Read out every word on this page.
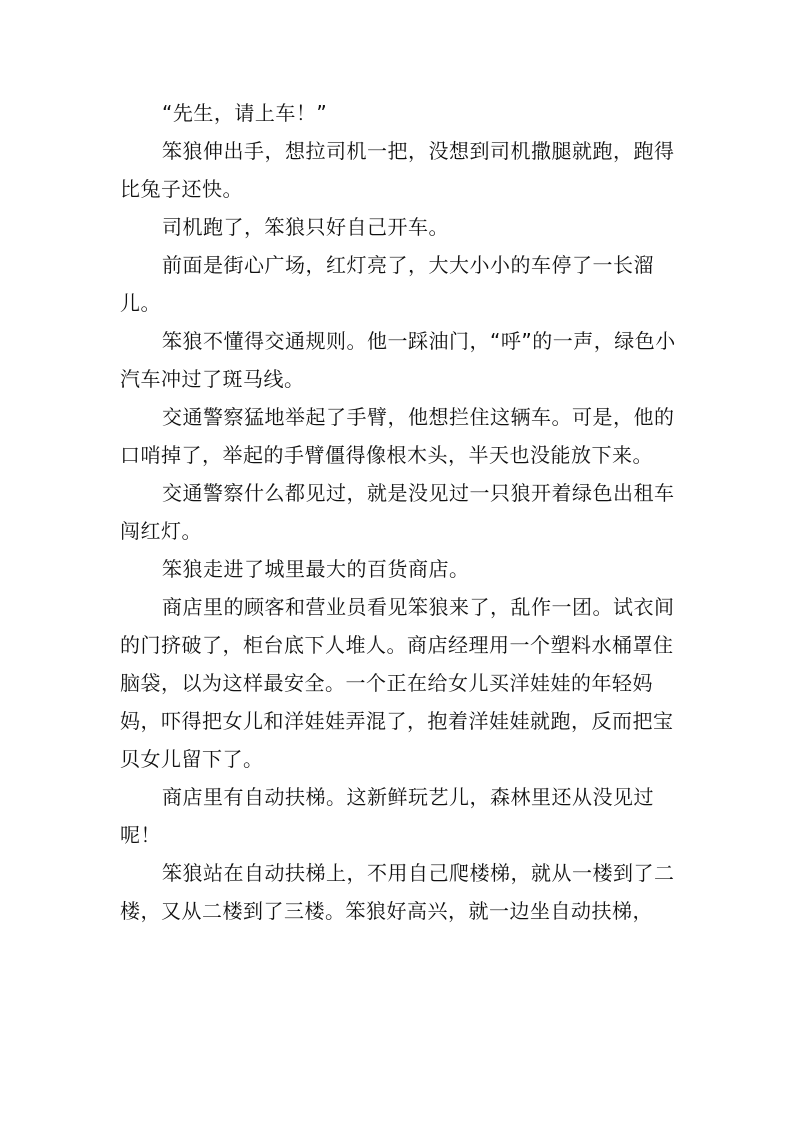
“先生，请上车！”

笨狼伸出手，想拉司机一把，没想到司机撒腿就跑，跑得比兔子还快。

司机跑了，笨狼只好自己开车。

前面是街心广场，红灯亮了，大大小小的车停了一长溜儿。

笨狼不懂得交通规则。他一踩油门，“呼”的一声，绿色小汽车冲过了斑马线。

交通警察猛地举起了手臂，他想拦住这辆车。可是，他的口哨掉了，举起的手臂僵得像根木头，半天也没能放下来。

交通警察什么都见过，就是没见过一只狼开着绿色出租车闯红灯。

笨狼走进了城里最大的百货商店。

商店里的顾客和营业员看见笨狼来了，乱作一团。试衣间的门挤破了，柜台底下人堆人。商店经理用一个塑料水桶罩住脑袋，以为这样最安全。一个正在给女儿买洋娃娃的年轻妈妈，吓得把女儿和洋娃娃弄混了，抱着洋娃娃就跑，反而把宝贝女儿留下了。

商店里有自动扶梯。这新鲜玩艺儿，森林里还从没见过呢！

笨狼站在自动扶梯上，不用自己爬楼梯，就从一楼到了二楼，又从二楼到了三楼。笨狼好高兴，就一边坐自动扶梯，
